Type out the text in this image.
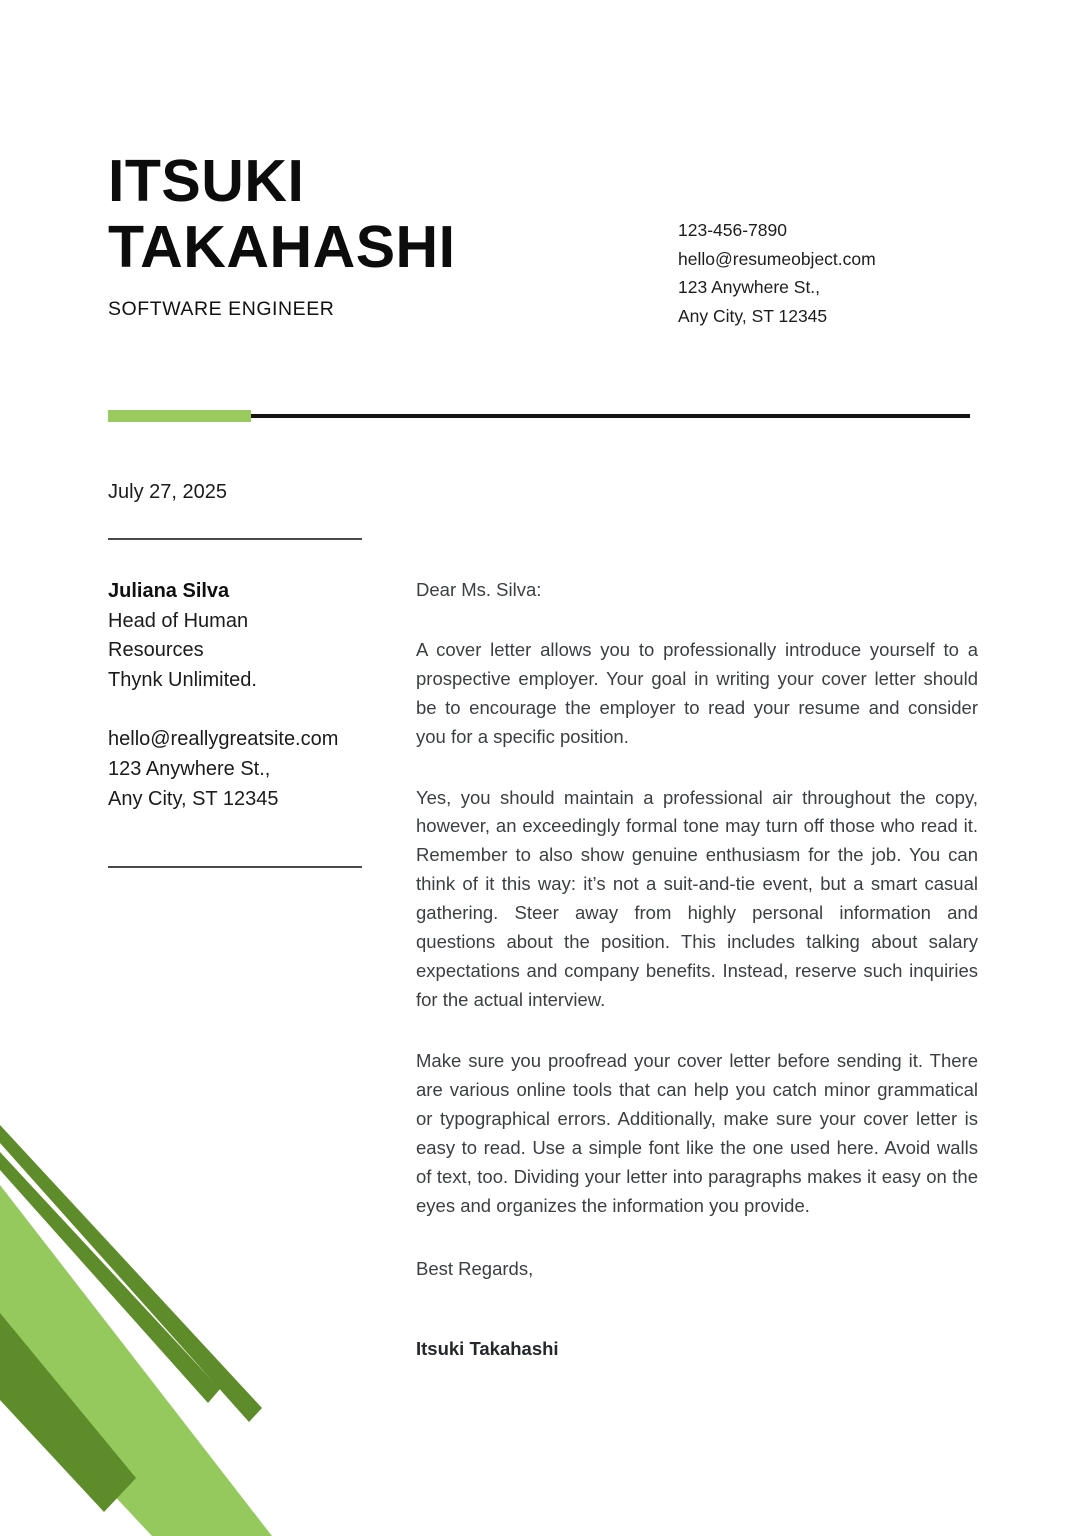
ITSUKI
TAKAHASHI
SOFTWARE ENGINEER
123-456-7890
hello@resumeobject.com
123 Anywhere St.,
Any City, ST 12345
July 27, 2025
Juliana Silva
Head of Human
Resources
Thynk Unlimited.
hello@reallygreatsite.com
123 Anywhere St.,
Any City, ST 12345
Dear Ms. Silva:
A cover letter allows you to professionally introduce yourself to a prospective employer. Your goal in writing your cover letter should be to encourage the employer to read your resume and consider you for a specific position.
Yes, you should maintain a professional air throughout the copy, however, an exceedingly formal tone may turn off those who read it. Remember to also show genuine enthusiasm for the job. You can think of it this way: it’s not a suit-and-tie event, but a smart casual gathering. Steer away from highly personal information and questions about the position. This includes talking about salary expectations and company benefits. Instead, reserve such inquiries for the actual interview.
Make sure you proofread your cover letter before sending it. There are various online tools that can help you catch minor grammatical or typographical errors. Additionally, make sure your cover letter is easy to read. Use a simple font like the one used here. Avoid walls of text, too. Dividing your letter into paragraphs makes it easy on the eyes and organizes the information you provide.
Best Regards,
Itsuki Takahashi
